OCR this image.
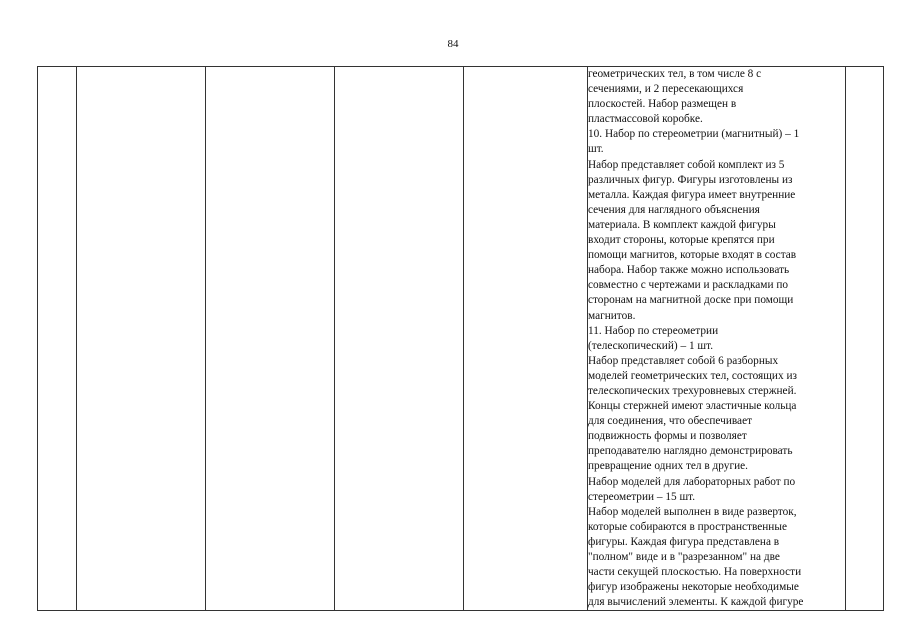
84

геометрических тел, в том числе 8 с
сечениями, и 2 пересекающихся
плоскостей. Набор размещен в
пластмассовой коробке.
10. Набор по стереометрии (магнитный) – 1
шт.
Набор представляет собой комплект из 5
различных фигур. Фигуры изготовлены из
металла. Каждая фигура имеет внутренние
сечения для наглядного объяснения
материала. В комплект каждой фигуры
входит стороны, которые крепятся при
помощи магнитов, которые входят в состав
набора. Набор также можно использовать
совместно с чертежами и раскладками по
сторонам на магнитной доске при помощи
магнитов.
11. Набор по стереометрии
(телескопический) – 1 шт.
Набор представляет собой 6 разборных
моделей геометрических тел, состоящих из
телескопических трехуровневых стержней.
Концы стержней имеют эластичные кольца
для соединения, что обеспечивает
подвижность формы и позволяет
преподавателю наглядно демонстрировать
превращение одних тел в другие.
Набор моделей для лабораторных работ по
стереометрии – 15 шт.
Набор моделей выполнен в виде разверток,
которые собираются в пространственные
фигуры. Каждая фигура представлена в
"полном" виде и в "разрезанном" на две
части секущей плоскостью. На поверхности
фигур изображены некоторые необходимые
для вычислений элементы. К каждой фигуре
